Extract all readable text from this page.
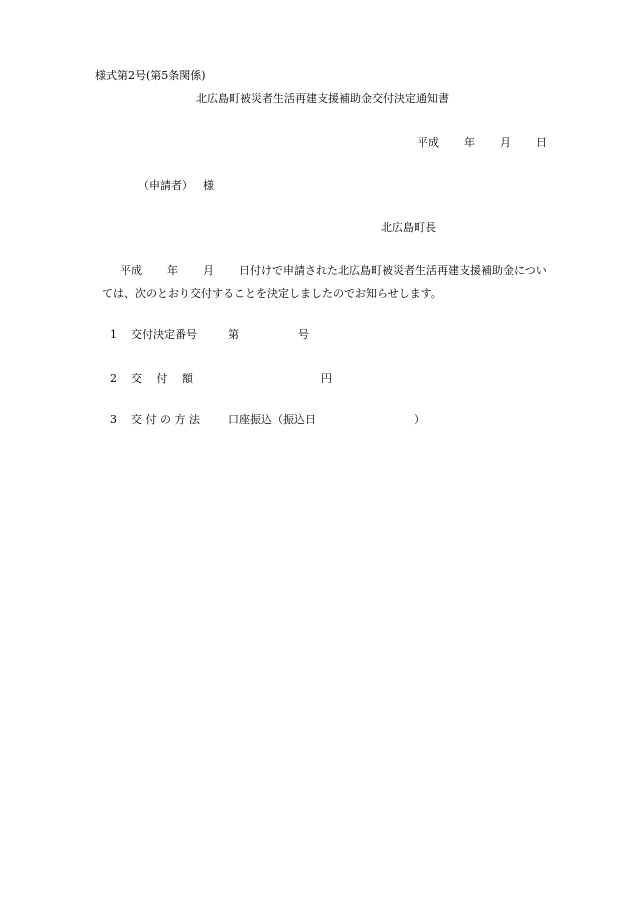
様式第2号(第5条関係)
北広島町被災者生活再建支援補助金交付決定通知書
平成 年 月 日
（申請者） 様
北広島町長
平成 年 月 日付けで申請された北広島町被災者生活再建支援補助金につい
ては、次のとおり交付することを決定しましたのでお知らせします。
1 交付決定番号	第	号
2 交　 付　 額	円
3 交 付 の 方 法	口座振込（振込日	）
